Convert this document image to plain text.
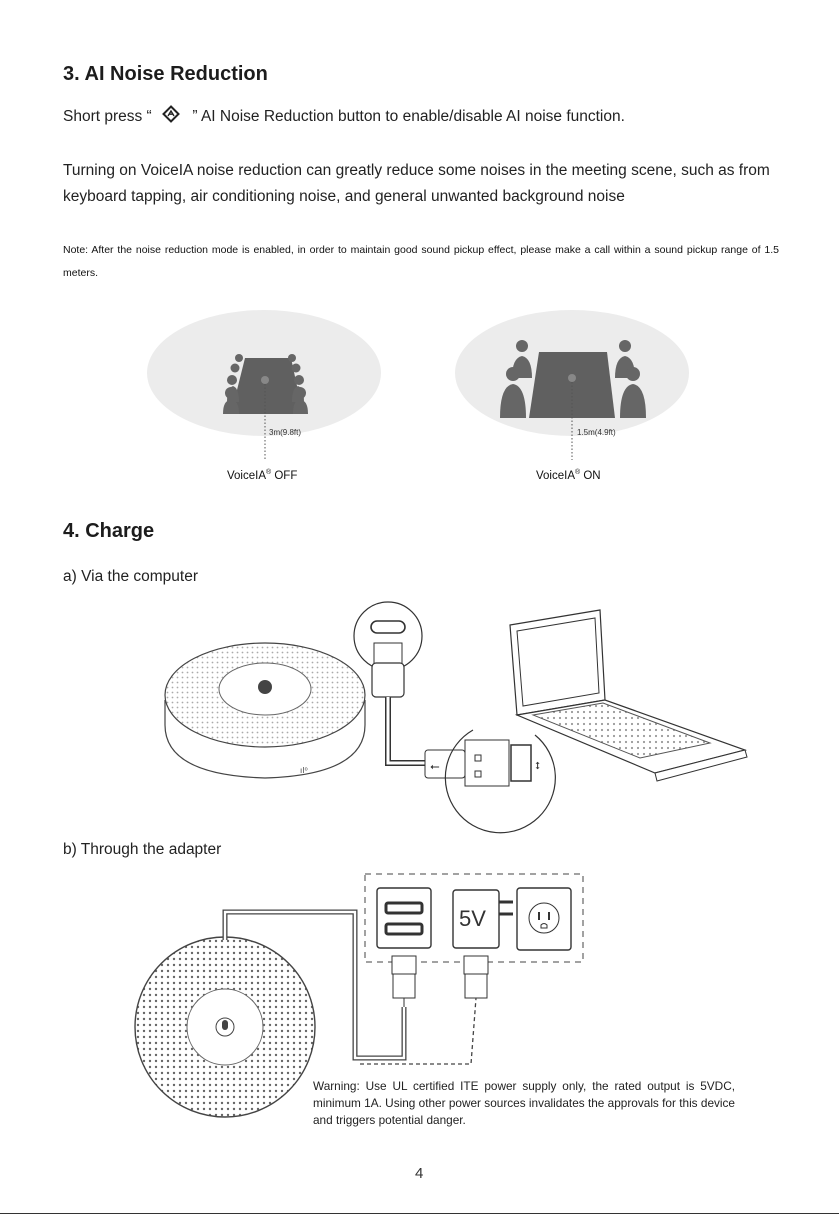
3. AI Noise Reduction
Short press “	” AI Noise Reduction button to enable/disable AI noise function.
Turning on VoiceIA noise reduction can greatly reduce some noises in the meeting scene, such as from keyboard tapping, air conditioning noise, and general unwanted background noise
Note: After the noise reduction mode is enabled, in order to maintain good sound pickup effect, please make a call within a sound pickup range of 1.5 meters.
3m(9.8ft)
VoiceIA® OFF
1.5m(4.9ft)
VoiceIA® ON
4. Charge
a) Via the computer
ıl⁰	⭠	⭥
b) Through the adapter
5V
Warning: Use UL certified ITE power supply only, the rated output is 5VDC, minimum 1A. Using other power sources invalidates the approvals for this device and triggers potential danger.
4
